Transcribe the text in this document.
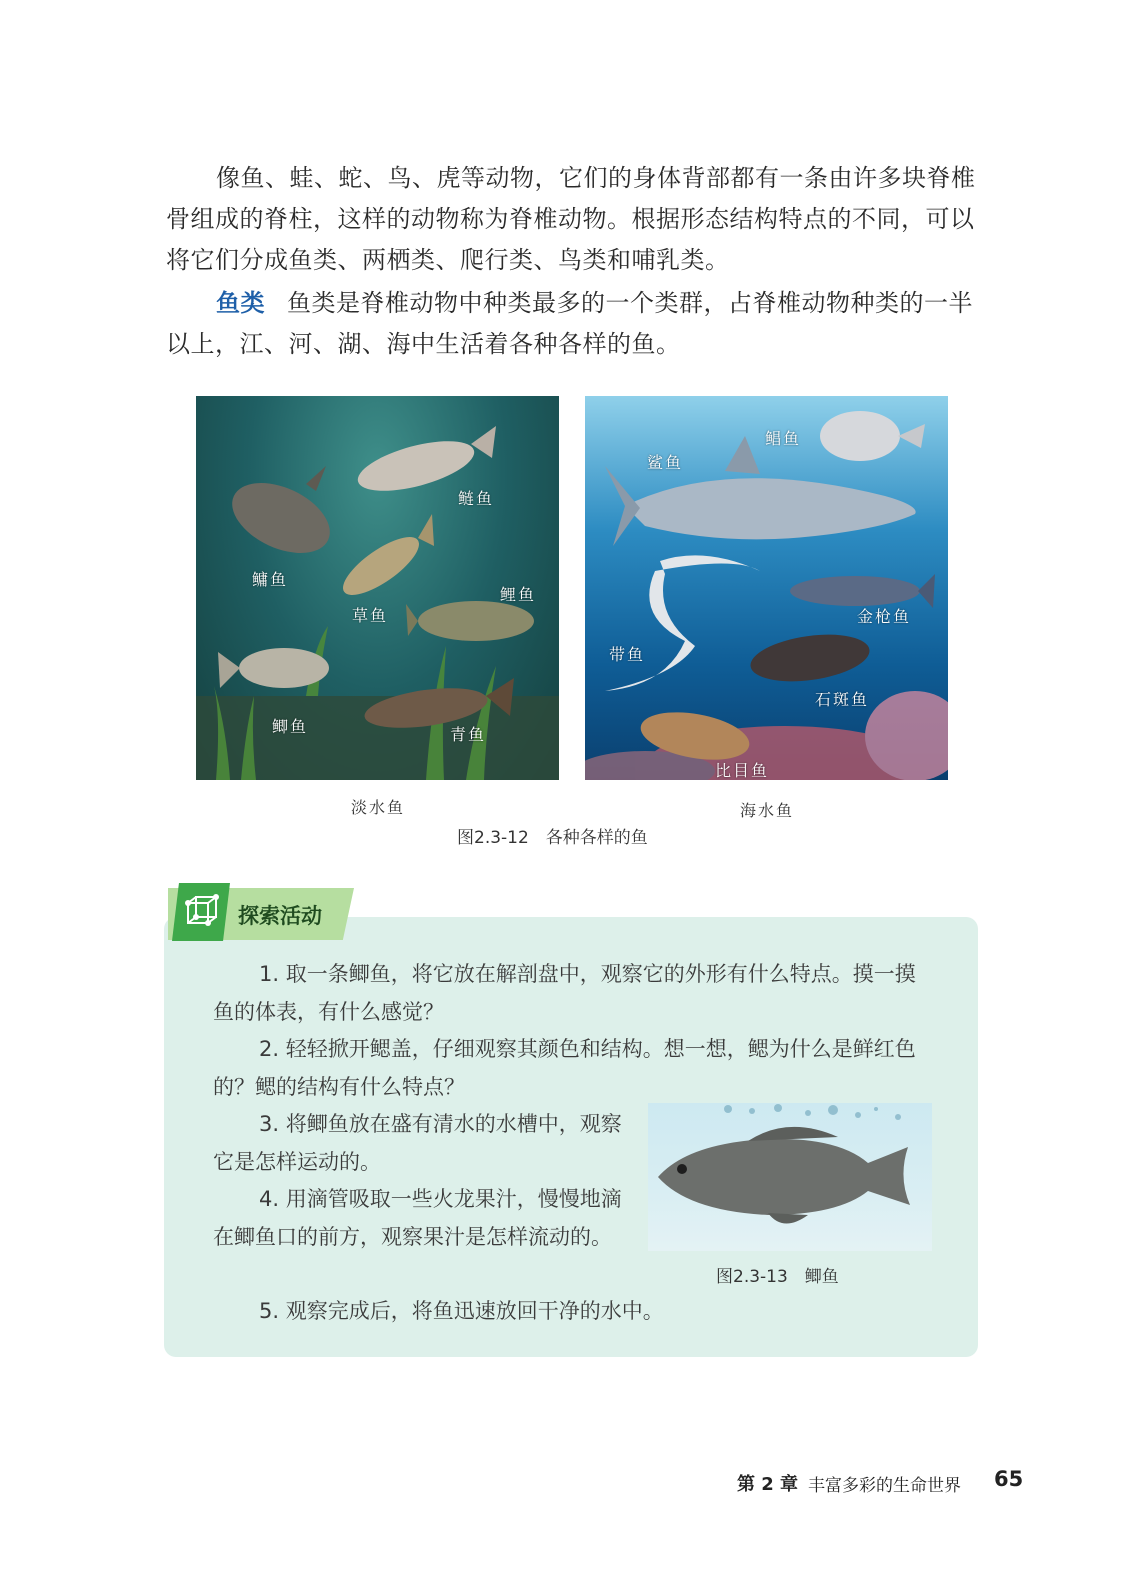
像鱼、蛙、蛇、鸟、虎等动物，它们的身体背部都有一条由许多块脊椎骨组成的脊柱，这样的动物称为脊椎动物。根据形态结构特点的不同，可以将它们分成鱼类、两栖类、爬行类、鸟类和哺乳类。

鱼类 鱼类是脊椎动物中种类最多的一个类群，占脊椎动物种类的一半以上，江、河、湖、海中生活着各种各样的鱼。

鲢鱼
鳙鱼
草鱼
鲤鱼
鲫鱼	青鱼
鲳鱼
鲨鱼
金枪鱼
带鱼
石斑鱼
比目鱼
淡水鱼	海水鱼
图2.3-12　各种各样的鱼
探索活动

1. 取一条鲫鱼，将它放在解剖盘中，观察它的外形有什么特点。摸一摸鱼的体表，有什么感觉？

2. 轻轻掀开鳃盖，仔细观察其颜色和结构。想一想，鳃为什么是鲜红色的？鳃的结构有什么特点？

3. 将鲫鱼放在盛有清水的水槽中，观察它是怎样运动的。

4. 用滴管吸取一些火龙果汁，慢慢地滴在鲫鱼口的前方，观察果汁是怎样流动的。

5. 观察完成后，将鱼迅速放回干净的水中。

图2.3-13　鲫鱼
第 2 章 丰富多彩的生命世界 65
